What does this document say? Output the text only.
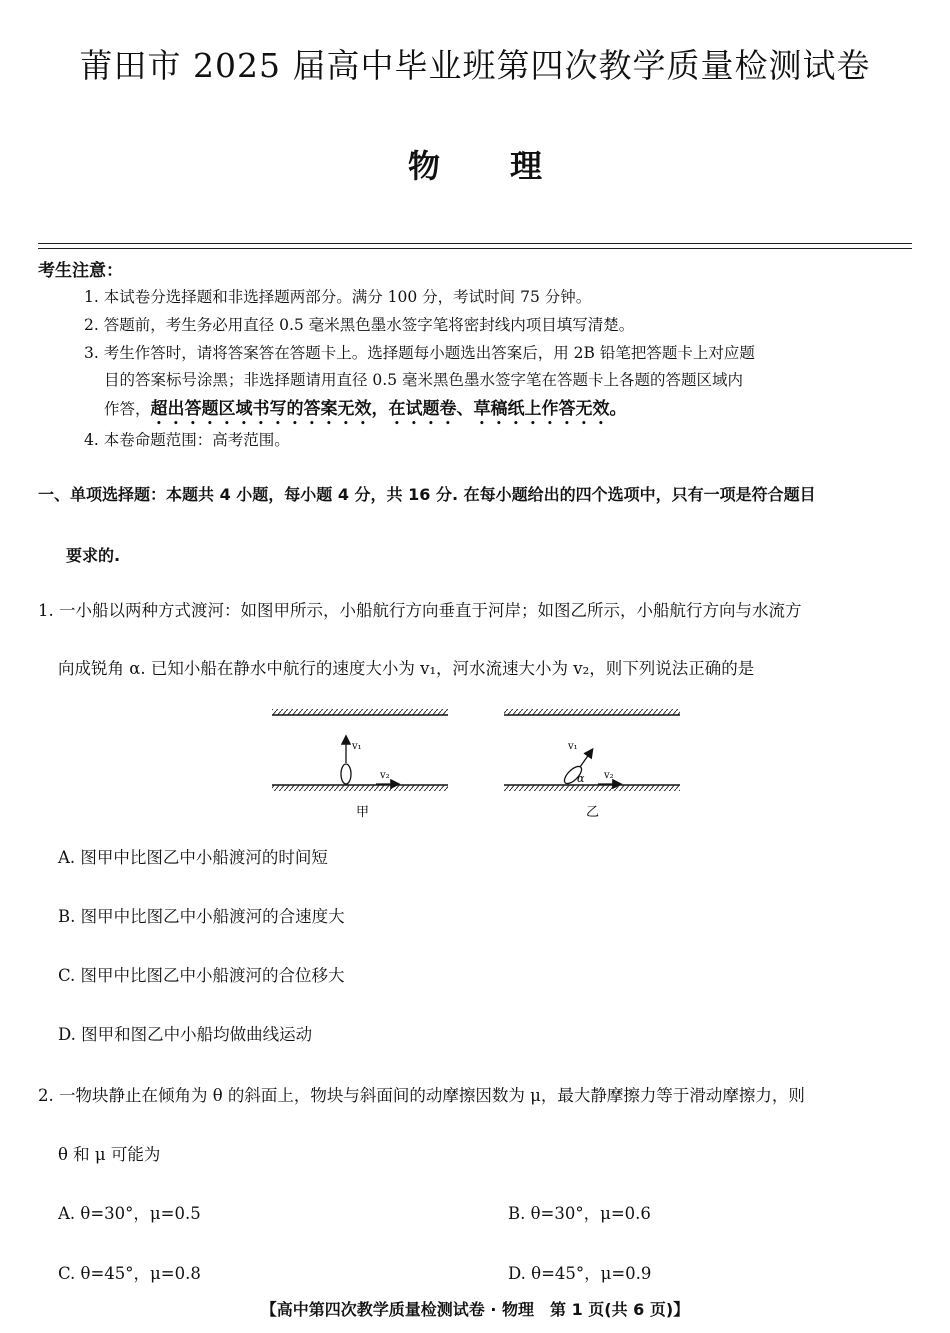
莆田市 2025 届高中毕业班第四次教学质量检测试卷
物理
考生注意：
1. 本试卷分选择题和非选择题两部分。满分 100 分，考试时间 75 分钟。
2. 答题前，考生务必用直径 0.5 毫米黑色墨水签字笔将密封线内项目填写清楚。
3. 考生作答时，请将答案答在答题卡上。选择题每小题选出答案后，用 2B 铅笔把答题卡上对应题
目的答案标号涂黑；非选择题请用直径 0.5 毫米黑色墨水签字笔在答题卡上各题的答题区域内
作答，超出答题区域书写的答案无效，在试题卷、草稿纸上作答无效。
4. 本卷命题范围：高考范围。
一、单项选择题：本题共 4 小题，每小题 4 分，共 16 分. 在每小题给出的四个选项中，只有一项是符合题目
要求的.
1. 一小船以两种方式渡河：如图甲所示，小船航行方向垂直于河岸；如图乙所示，小船航行方向与水流方
向成锐角 α. 已知小船在静水中航行的速度大小为 v₁，河水流速大小为 v₂，则下列说法正确的是
v₁
v₂
甲
v₁
α v₂
乙
A. 图甲中比图乙中小船渡河的时间短
B. 图甲中比图乙中小船渡河的合速度大
C. 图甲中比图乙中小船渡河的合位移大
D. 图甲和图乙中小船均做曲线运动
2. 一物块静止在倾角为 θ 的斜面上，物块与斜面间的动摩擦因数为 μ，最大静摩擦力等于滑动摩擦力，则
θ 和 μ 可能为
A. θ=30°，μ=0.5	B. θ=30°，μ=0.6
C. θ=45°，μ=0.8	D. θ=45°，μ=0.9
【高中第四次教学质量检测试卷 · 物理　第 1 页(共 6 页)】
